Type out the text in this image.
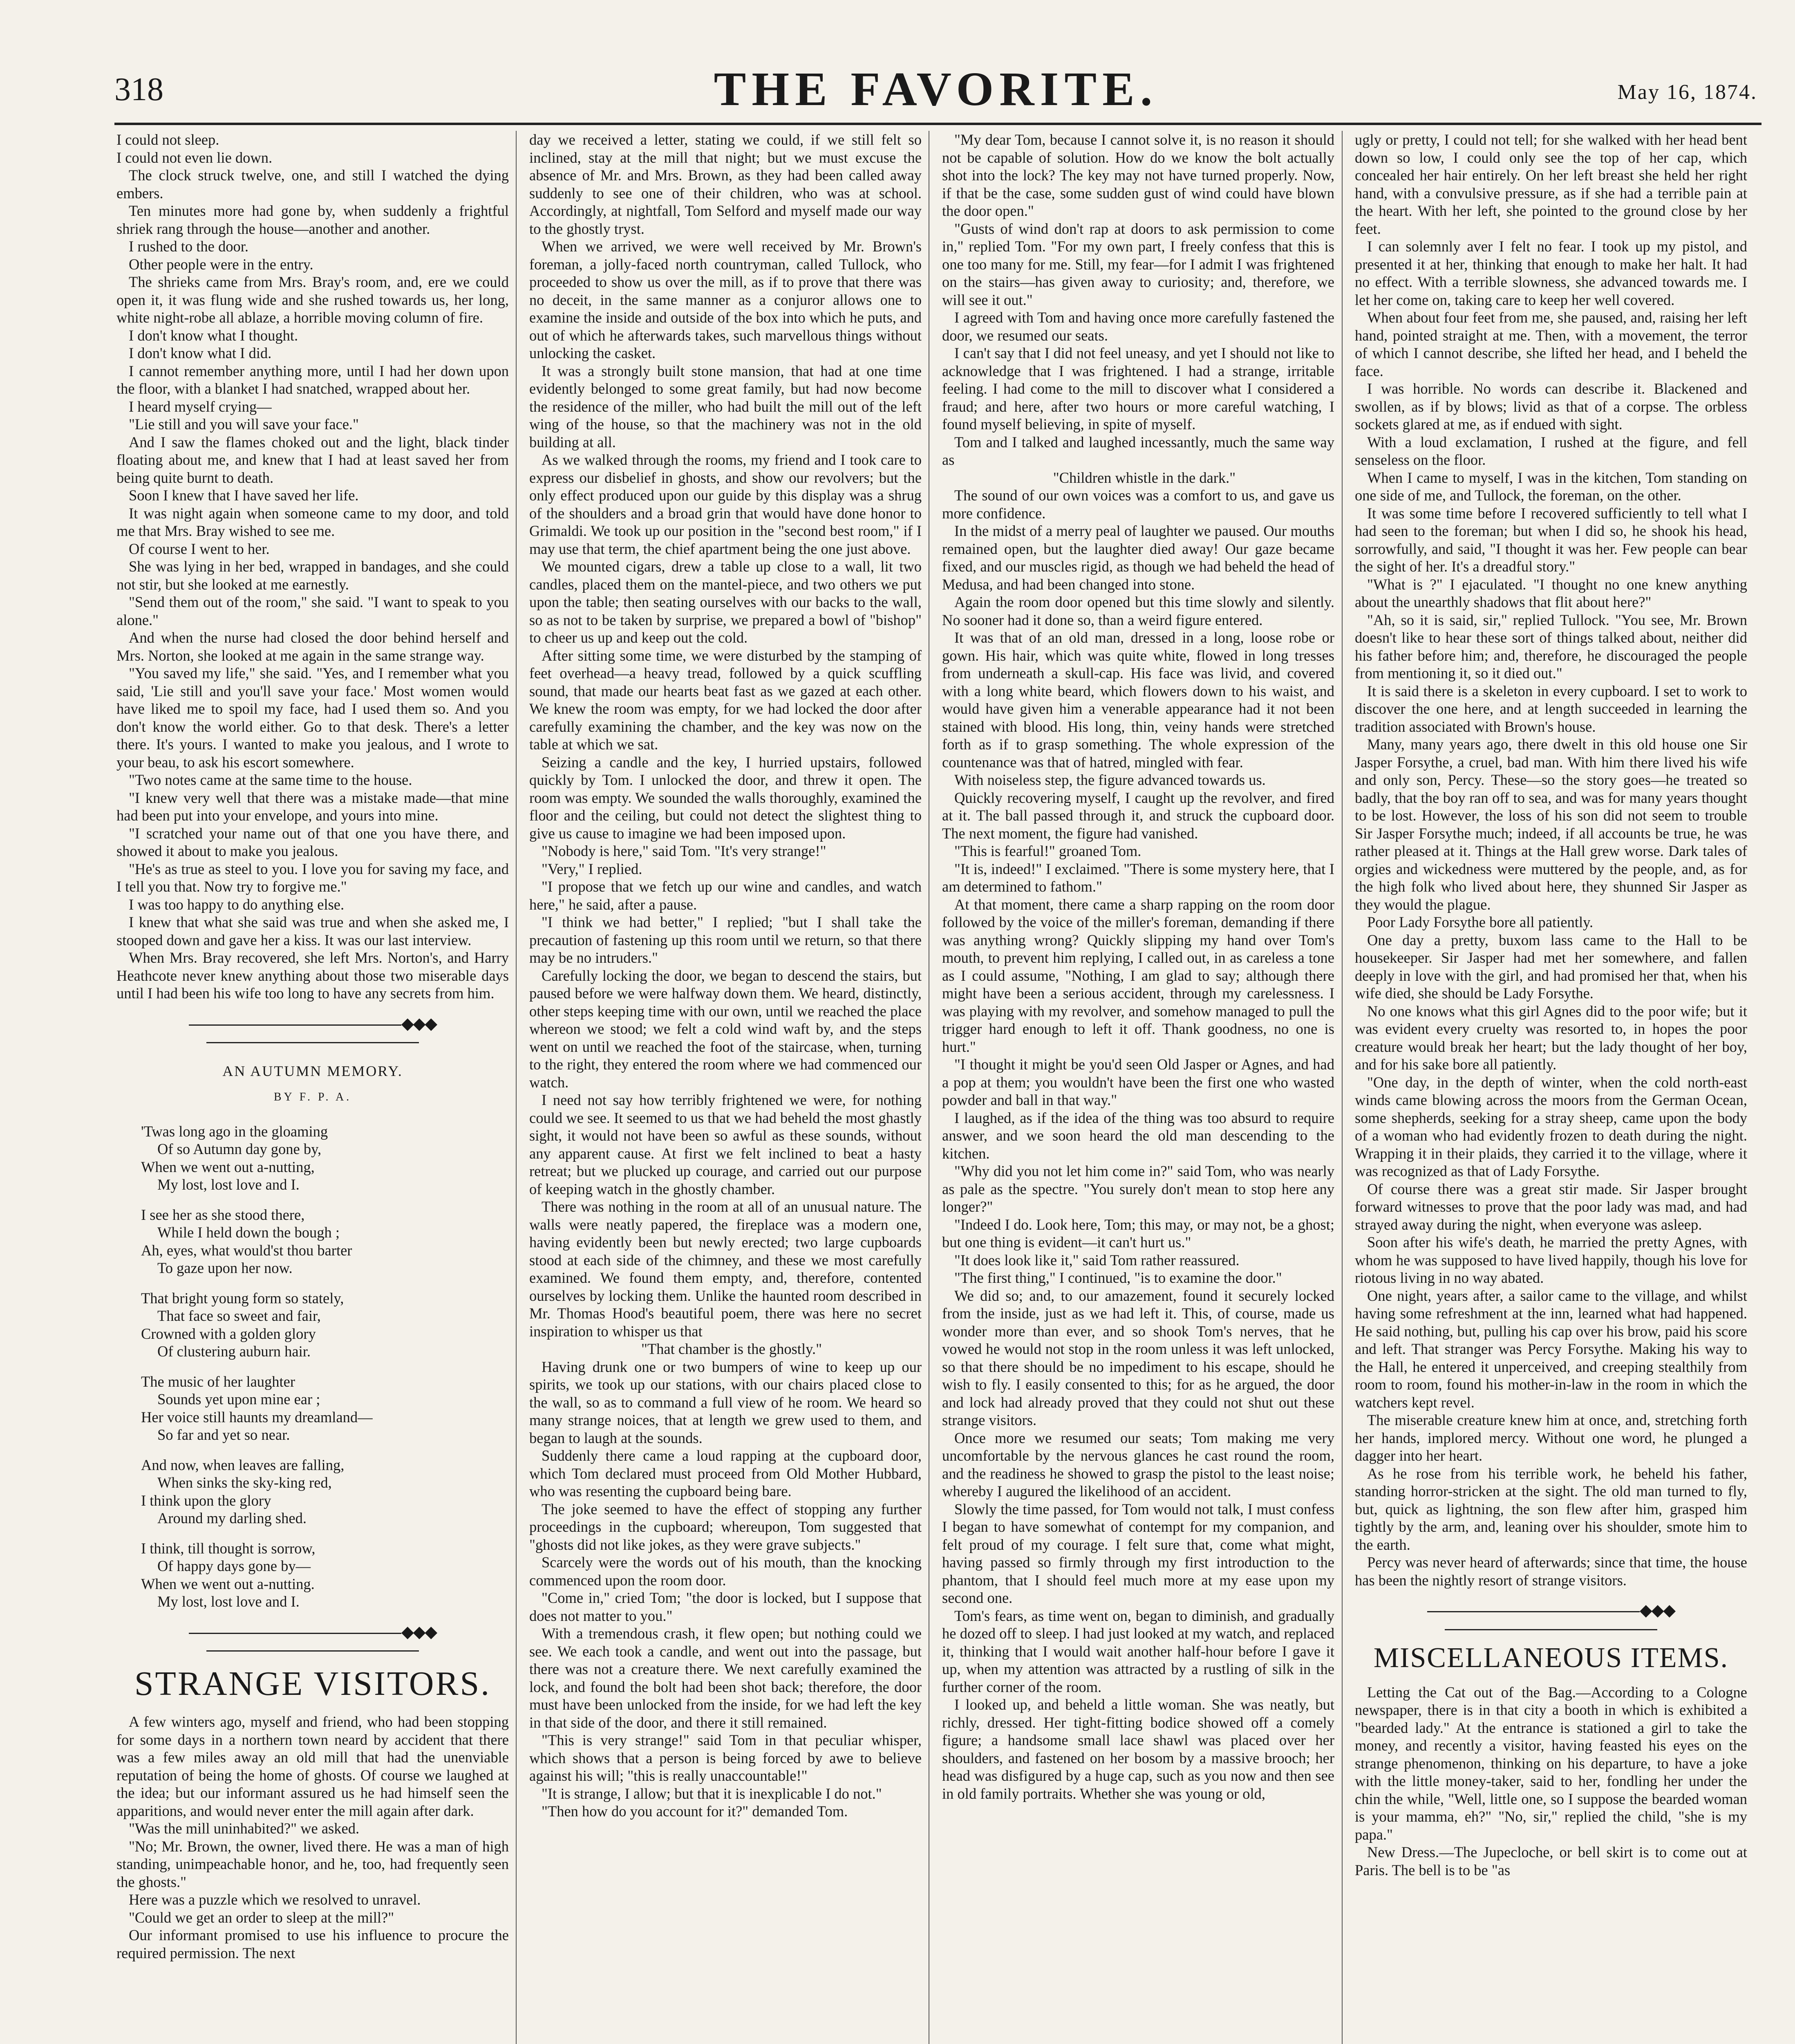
318	THE FAVORITE.	May 16, 1874.

I could not sleep.

I could not even lie down.

The clock struck twelve, one, and still I watched the dying embers.

Ten minutes more had gone by, when suddenly a frightful shriek rang through the house—another and another.

I rushed to the door.

Other people were in the entry.

The shrieks came from Mrs. Bray's room, and, ere we could open it, it was flung wide and she rushed towards us, her long, white night-robe all ablaze, a horrible moving column of fire.

I don't know what I thought.

I don't know what I did.

I cannot remember anything more, until I had her down upon the floor, with a blanket I had snatched, wrapped about her.

I heard myself crying—

"Lie still and you will save your face."

And I saw the flames choked out and the light, black tinder floating about me, and knew that I had at least saved her from being quite burnt to death.

Soon I knew that I have saved her life.

It was night again when someone came to my door, and told me that Mrs. Bray wished to see me.

Of course I went to her.

She was lying in her bed, wrapped in bandages, and she could not stir, but she looked at me earnestly.

"Send them out of the room," she said. "I want to speak to you alone."

And when the nurse had closed the door behind herself and Mrs. Norton, she looked at me again in the same strange way.

"You saved my life," she said. "Yes, and I remember what you said, 'Lie still and you'll save your face.' Most women would have liked me to spoil my face, had I used them so. And you don't know the world either. Go to that desk. There's a letter there. It's yours. I wanted to make you jealous, and I wrote to your beau, to ask his escort somewhere.

"Two notes came at the same time to the house.

"I knew very well that there was a mistake made—that mine had been put into your envelope, and yours into mine.

"I scratched your name out of that one you have there, and showed it about to make you jealous.

"He's as true as steel to you. I love you for saving my face, and I tell you that. Now try to forgive me."

I was too happy to do anything else.

I knew that what she said was true and when she asked me, I stooped down and gave her a kiss. It was our last interview.

When Mrs. Bray recovered, she left Mrs. Norton's, and Harry Heathcote never knew anything about those two miserable days until I had been his wife too long to have any secrets from him.

◆◆◆
AN AUTUMN MEMORY.
BY F. P. A.
'Twas long ago in the gloaming
Of so Autumn day gone by,
When we went out a-nutting,
My lost, lost love and I.
I see her as she stood there,
While I held down the bough ;
Ah, eyes, what would'st thou barter
To gaze upon her now.
That bright young form so stately,
That face so sweet and fair,
Crowned with a golden glory
Of clustering auburn hair.
The music of her laughter
Sounds yet upon mine ear ;
Her voice still haunts my dreamland—
So far and yet so near.
And now, when leaves are falling,
When sinks the sky-king red,
I think upon the glory
Around my darling shed.
I think, till thought is sorrow,
Of happy days gone by—
When we went out a-nutting.
My lost, lost love and I.
◆◆◆
STRANGE VISITORS.

A few winters ago, myself and friend, who had been stopping for some days in a northern town neard by accident that there was a few miles away an old mill that had the unenviable reputation of being the home of ghosts. Of course we laughed at the idea; but our informant assured us he had himself seen the apparitions, and would never enter the mill again after dark.

"Was the mill uninhabited?" we asked.

"No; Mr. Brown, the owner, lived there. He was a man of high standing, unimpeachable honor, and he, too, had frequently seen the ghosts."

Here was a puzzle which we resolved to unravel.

"Could we get an order to sleep at the mill?"

Our informant promised to use his influence to procure the required permission. The next

day we received a letter, stating we could, if we still felt so inclined, stay at the mill that night; but we must excuse the absence of Mr. and Mrs. Brown, as they had been called away suddenly to see one of their children, who was at school. Accordingly, at nightfall, Tom Selford and myself made our way to the ghostly tryst.

When we arrived, we were well received by Mr. Brown's foreman, a jolly-faced north countryman, called Tullock, who proceeded to show us over the mill, as if to prove that there was no deceit, in the same manner as a conjuror allows one to examine the inside and outside of the box into which he puts, and out of which he afterwards takes, such marvellous things without unlocking the casket.

It was a strongly built stone mansion, that had at one time evidently belonged to some great family, but had now become the residence of the miller, who had built the mill out of the left wing of the house, so that the machinery was not in the old building at all.

As we walked through the rooms, my friend and I took care to express our disbelief in ghosts, and show our revolvers; but the only effect produced upon our guide by this display was a shrug of the shoulders and a broad grin that would have done honor to Grimaldi. We took up our position in the "second best room," if I may use that term, the chief apartment being the one just above.

We mounted cigars, drew a table up close to a wall, lit two candles, placed them on the mantel-piece, and two others we put upon the table; then seating ourselves with our backs to the wall, so as not to be taken by surprise, we prepared a bowl of "bishop" to cheer us up and keep out the cold.

After sitting some time, we were disturbed by the stamping of feet overhead—a heavy tread, followed by a quick scuffling sound, that made our hearts beat fast as we gazed at each other. We knew the room was empty, for we had locked the door after carefully examining the chamber, and the key was now on the table at which we sat.

Seizing a candle and the key, I hurried upstairs, followed quickly by Tom. I unlocked the door, and threw it open. The room was empty. We sounded the walls thoroughly, examined the floor and the ceiling, but could not detect the slightest thing to give us cause to imagine we had been imposed upon.

"Nobody is here," said Tom. "It's very strange!"

"Very," I replied.

"I propose that we fetch up our wine and candles, and watch here," he said, after a pause.

"I think we had better," I replied; "but I shall take the precaution of fastening up this room until we return, so that there may be no intruders."

Carefully locking the door, we began to descend the stairs, but paused before we were halfway down them. We heard, distinctly, other steps keeping time with our own, until we reached the place whereon we stood; we felt a cold wind waft by, and the steps went on until we reached the foot of the staircase, when, turning to the right, they entered the room where we had commenced our watch.

I need not say how terribly frightened we were, for nothing could we see. It seemed to us that we had beheld the most ghastly sight, it would not have been so awful as these sounds, without any apparent cause. At first we felt inclined to beat a hasty retreat; but we plucked up courage, and carried out our purpose of keeping watch in the ghostly chamber.

There was nothing in the room at all of an unusual nature. The walls were neatly papered, the fireplace was a modern one, having evidently been but newly erected; two large cupboards stood at each side of the chimney, and these we most carefully examined. We found them empty, and, therefore, contented ourselves by locking them. Unlike the haunted room described in Mr. Thomas Hood's beautiful poem, there was here no secret inspiration to whisper us that

"That chamber is the ghostly."

Having drunk one or two bumpers of wine to keep up our spirits, we took up our stations, with our chairs placed close to the wall, so as to command a full view of he room. We heard so many strange noices, that at length we grew used to them, and began to laugh at the sounds.

Suddenly there came a loud rapping at the cupboard door, which Tom declared must proceed from Old Mother Hubbard, who was resenting the cupboard being bare.

The joke seemed to have the effect of stopping any further proceedings in the cupboard; whereupon, Tom suggested that "ghosts did not like jokes, as they were grave subjects."

Scarcely were the words out of his mouth, than the knocking commenced upon the room door.

"Come in," cried Tom; "the door is locked, but I suppose that does not matter to you."

With a tremendous crash, it flew open; but nothing could we see. We each took a candle, and went out into the passage, but there was not a creature there. We next carefully examined the lock, and found the bolt had been shot back; therefore, the door must have been unlocked from the inside, for we had left the key in that side of the door, and there it still remained.

"This is very strange!" said Tom in that peculiar whisper, which shows that a person is being forced by awe to believe against his will; "this is really unaccountable!"

"It is strange, I allow; but that it is inexplicable I do not."

"Then how do you account for it?" demanded Tom.

"My dear Tom, because I cannot solve it, is no reason it should not be capable of solution. How do we know the bolt actually shot into the lock? The key may not have turned properly. Now, if that be the case, some sudden gust of wind could have blown the door open."

"Gusts of wind don't rap at doors to ask permission to come in," replied Tom. "For my own part, I freely confess that this is one too many for me. Still, my fear—for I admit I was frightened on the stairs—has given away to curiosity; and, therefore, we will see it out."

I agreed with Tom and having once more carefully fastened the door, we resumed our seats.

I can't say that I did not feel uneasy, and yet I should not like to acknowledge that I was frightened. I had a strange, irritable feeling. I had come to the mill to discover what I considered a fraud; and here, after two hours or more careful watching, I found myself believing, in spite of myself.

Tom and I talked and laughed incessantly, much the same way as

"Children whistle in the dark."

The sound of our own voices was a comfort to us, and gave us more confidence.

In the midst of a merry peal of laughter we paused. Our mouths remained open, but the laughter died away! Our gaze became fixed, and our muscles rigid, as though we had beheld the head of Medusa, and had been changed into stone.

Again the room door opened but this time slowly and silently. No sooner had it done so, than a weird figure entered.

It was that of an old man, dressed in a long, loose robe or gown. His hair, which was quite white, flowed in long tresses from underneath a skull-cap. His face was livid, and covered with a long white beard, which flowers down to his waist, and would have given him a venerable appearance had it not been stained with blood. His long, thin, veiny hands were stretched forth as if to grasp something. The whole expression of the countenance was that of hatred, mingled with fear.

With noiseless step, the figure advanced towards us.

Quickly recovering myself, I caught up the revolver, and fired at it. The ball passed through it, and struck the cupboard door. The next moment, the figure had vanished.

"This is fearful!" groaned Tom.

"It is, indeed!" I exclaimed. "There is some mystery here, that I am determined to fathom."

At that moment, there came a sharp rapping on the room door followed by the voice of the miller's foreman, demanding if there was anything wrong? Quickly slipping my hand over Tom's mouth, to prevent him replying, I called out, in as careless a tone as I could assume, "Nothing, I am glad to say; although there might have been a serious accident, through my carelessness. I was playing with my revolver, and somehow managed to pull the trigger hard enough to left it off. Thank goodness, no one is hurt."

"I thought it might be you'd seen Old Jasper or Agnes, and had a pop at them; you wouldn't have been the first one who wasted powder and ball in that way."

I laughed, as if the idea of the thing was too absurd to require answer, and we soon heard the old man descending to the kitchen.

"Why did you not let him come in?" said Tom, who was nearly as pale as the spectre. "You surely don't mean to stop here any longer?"

"Indeed I do. Look here, Tom; this may, or may not, be a ghost; but one thing is evident—it can't hurt us."

"It does look like it," said Tom rather reassured.

"The first thing," I continued, "is to examine the door."

We did so; and, to our amazement, found it securely locked from the inside, just as we had left it. This, of course, made us wonder more than ever, and so shook Tom's nerves, that he vowed he would not stop in the room unless it was left unlocked, so that there should be no impediment to his escape, should he wish to fly. I easily consented to this; for as he argued, the door and lock had already proved that they could not shut out these strange visitors.

Once more we resumed our seats; Tom making me very uncomfortable by the nervous glances he cast round the room, and the readiness he showed to grasp the pistol to the least noise; whereby I augured the likelihood of an accident.

Slowly the time passed, for Tom would not talk, I must confess I began to have somewhat of contempt for my companion, and felt proud of my courage. I felt sure that, come what might, having passed so firmly through my first introduction to the phantom, that I should feel much more at my ease upon my second one.

Tom's fears, as time went on, began to diminish, and gradually he dozed off to sleep. I had just looked at my watch, and replaced it, thinking that I would wait another half-hour before I gave it up, when my attention was attracted by a rustling of silk in the further corner of the room.

I looked up, and beheld a little woman. She was neatly, but richly, dressed. Her tight-fitting bodice showed off a comely figure; a handsome small lace shawl was placed over her shoulders, and fastened on her bosom by a massive brooch; her head was disfigured by a huge cap, such as you now and then see in old family portraits. Whether she was young or old,

ugly or pretty, I could not tell; for she walked with her head bent down so low, I could only see the top of her cap, which concealed her hair entirely. On her left breast she held her right hand, with a convulsive pressure, as if she had a terrible pain at the heart. With her left, she pointed to the ground close by her feet.

I can solemnly aver I felt no fear. I took up my pistol, and presented it at her, thinking that enough to make her halt. It had no effect. With a terrible slowness, she advanced towards me. I let her come on, taking care to keep her well covered.

When about four feet from me, she paused, and, raising her left hand, pointed straight at me. Then, with a movement, the terror of which I cannot describe, she lifted her head, and I beheld the face.

I was horrible. No words can describe it. Blackened and swollen, as if by blows; livid as that of a corpse. The orbless sockets glared at me, as if endued with sight.

With a loud exclamation, I rushed at the figure, and fell senseless on the floor.

When I came to myself, I was in the kitchen, Tom standing on one side of me, and Tullock, the foreman, on the other.

It was some time before I recovered sufficiently to tell what I had seen to the foreman; but when I did so, he shook his head, sorrowfully, and said, "I thought it was her. Few people can bear the sight of her. It's a dreadful story."

"What is ?" I ejaculated. "I thought no one knew anything about the unearthly shadows that flit about here?"

"Ah, so it is said, sir," replied Tullock. "You see, Mr. Brown doesn't like to hear these sort of things talked about, neither did his father before him; and, therefore, he discouraged the people from mentioning it, so it died out."

It is said there is a skeleton in every cupboard. I set to work to discover the one here, and at length succeeded in learning the tradition associated with Brown's house.

Many, many years ago, there dwelt in this old house one Sir Jasper Forsythe, a cruel, bad man. With him there lived his wife and only son, Percy. These—so the story goes—he treated so badly, that the boy ran off to sea, and was for many years thought to be lost. However, the loss of his son did not seem to trouble Sir Jasper Forsythe much; indeed, if all accounts be true, he was rather pleased at it. Things at the Hall grew worse. Dark tales of orgies and wickedness were muttered by the people, and, as for the high folk who lived about here, they shunned Sir Jasper as they would the plague.

Poor Lady Forsythe bore all patiently.

One day a pretty, buxom lass came to the Hall to be housekeeper. Sir Jasper had met her somewhere, and fallen deeply in love with the girl, and had promised her that, when his wife died, she should be Lady Forsythe.

No one knows what this girl Agnes did to the poor wife; but it was evident every cruelty was resorted to, in hopes the poor creature would break her heart; but the lady thought of her boy, and for his sake bore all patiently.

"One day, in the depth of winter, when the cold north-east winds came blowing across the moors from the German Ocean, some shepherds, seeking for a stray sheep, came upon the body of a woman who had evidently frozen to death during the night. Wrapping it in their plaids, they carried it to the village, where it was recognized as that of Lady Forsythe.

Of course there was a great stir made. Sir Jasper brought forward witnesses to prove that the poor lady was mad, and had strayed away during the night, when everyone was asleep.

Soon after his wife's death, he married the pretty Agnes, with whom he was supposed to have lived happily, though his love for riotous living in no way abated.

One night, years after, a sailor came to the village, and whilst having some refreshment at the inn, learned what had happened. He said nothing, but, pulling his cap over his brow, paid his score and left. That stranger was Percy Forsythe. Making his way to the Hall, he entered it unperceived, and creeping stealthily from room to room, found his mother-in-law in the room in which the watchers kept revel.

The miserable creature knew him at once, and, stretching forth her hands, implored mercy. Without one word, he plunged a dagger into her heart.

As he rose from his terrible work, he beheld his father, standing horror-stricken at the sight. The old man turned to fly, but, quick as lightning, the son flew after him, grasped him tightly by the arm, and, leaning over his shoulder, smote him to the earth.

Percy was never heard of afterwards; since that time, the house has been the nightly resort of strange visitors.

◆◆◆
MISCELLANEOUS ITEMS.

Letting the Cat out of the Bag.—According to a Cologne newspaper, there is in that city a booth in which is exhibited a "bearded lady." At the entrance is stationed a girl to take the money, and recently a visitor, having feasted his eyes on the strange phenomenon, thinking on his departure, to have a joke with the little money-taker, said to her, fondling her under the chin the while, "Well, little one, so I suppose the bearded woman is your mamma, eh?" "No, sir," replied the child, "she is my papa."

New Dress.—The Jupecloche, or bell skirt is to come out at Paris. The bell is to be "as
